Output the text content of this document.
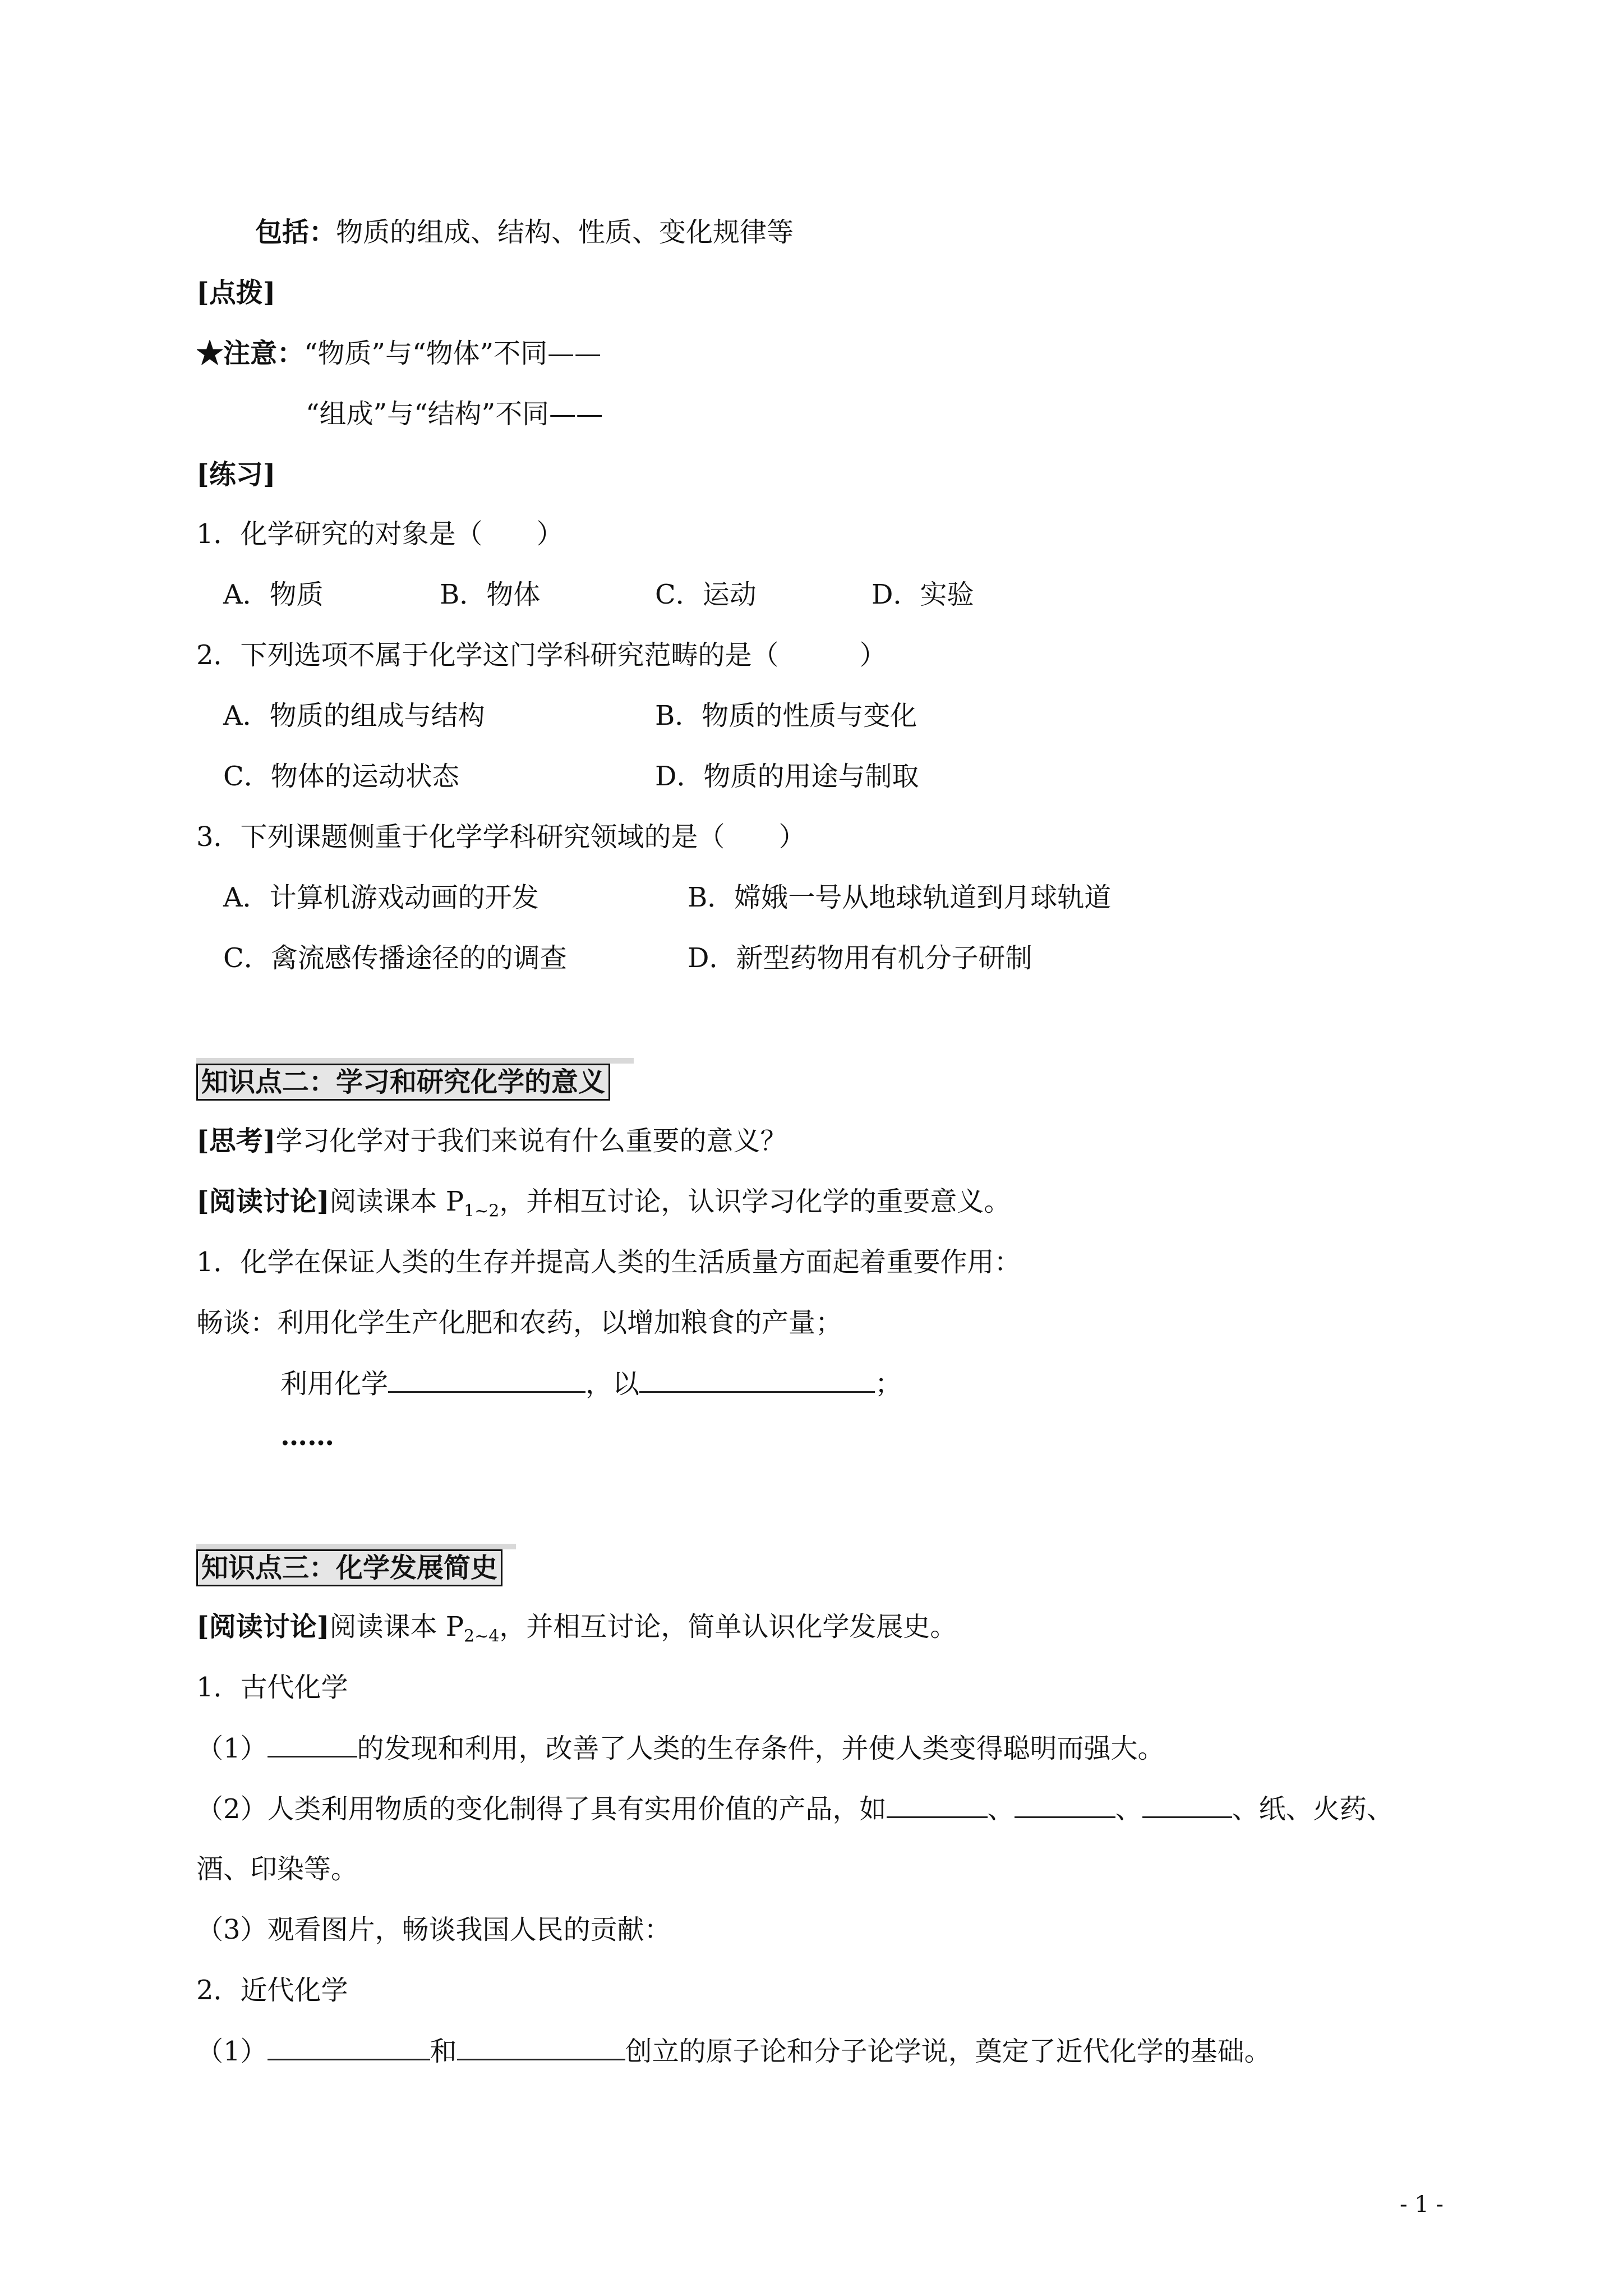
包括：物质的组成、结构、性质、变化规律等
[点拨]
★注意：“物质”与“物体”不同——
“组成”与“结构”不同——
[练习]
1．化学研究的对象是（　　）
A．物质	B．物体	C．运动	D．实验
2．下列选项不属于化学这门学科研究范畴的是（　　　）
A．物质的组成与结构	B．物质的性质与变化
C．物体的运动状态	D．物质的用途与制取
3．下列课题侧重于化学学科研究领域的是（　　）
A．计算机游戏动画的开发	B．嫦娥一号从地球轨道到月球轨道
C．禽流感传播途径的的调查	D．新型药物用有机分子研制
知识点二：学习和研究化学的意义
[思考]学习化学对于我们来说有什么重要的意义？
[阅读讨论]阅读课本 $P_{1\sim 2}$，并相互讨论，认识学习化学的重要意义。
1．化学在保证人类的生存并提高人类的生活质量方面起着重要作用：
畅谈：利用化学生产化肥和农药，以增加粮食的产量；
利用化学	，以	；
……
知识点三：化学发展简史
[阅读讨论]阅读课本 $P_{2\sim 4}$，并相互讨论，简单认识化学发展史。
1．古代化学
（1）	的发现和利用，改善了人类的生存条件，并使人类变得聪明而强大。
（2）人类利用物质的变化制得了具有实用价值的产品，如	、	、	、纸、火药、
酒、印染等。
（3）观看图片，畅谈我国人民的贡献：
2．近代化学
（1）	和	创立的原子论和分子论学说，奠定了近代化学的基础。
- 1 -
